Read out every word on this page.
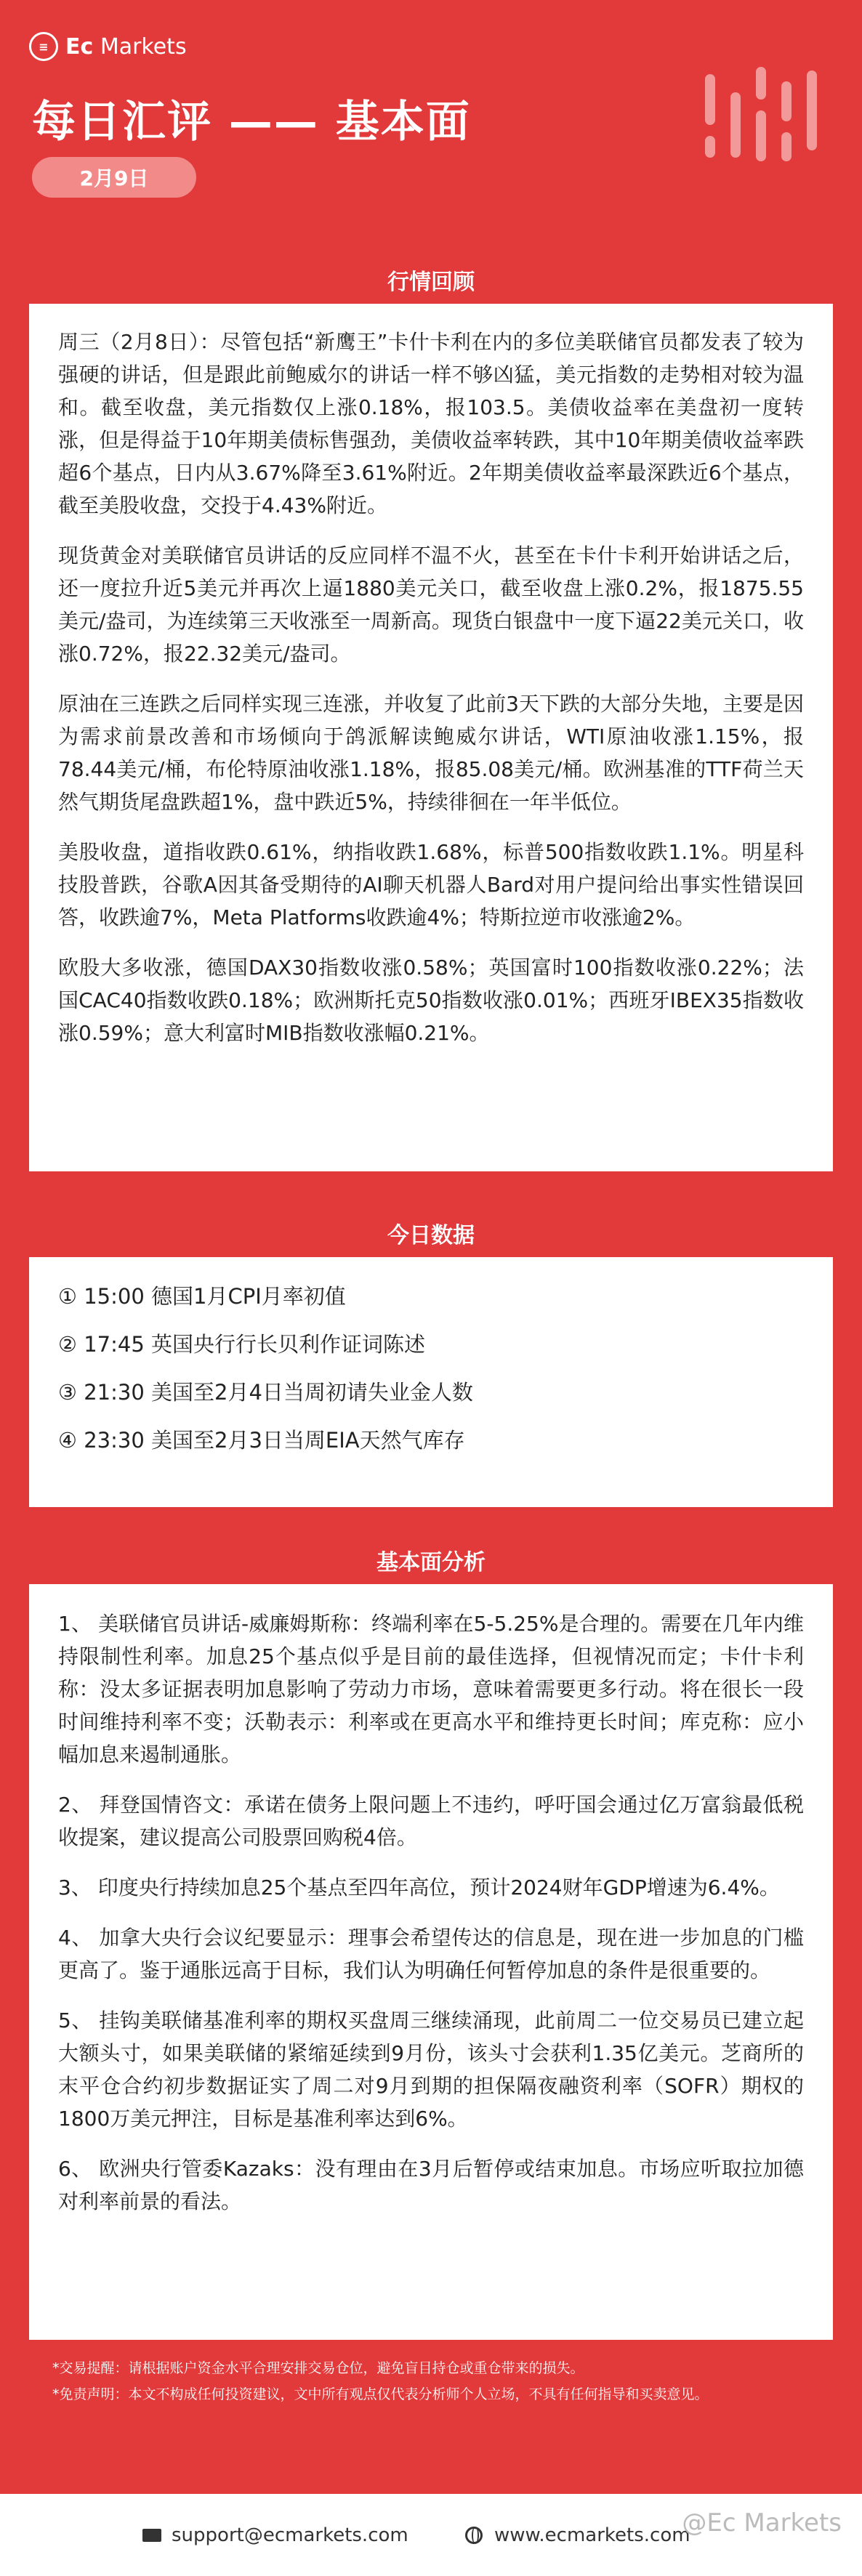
≡ Ec Markets
每日汇评 —— 基本面
2月9日
行情回顾

周三（2月8日）：尽管包括“新鹰王”卡什卡利在内的多位美联储官员都发表了较为强硬的讲话，但是跟此前鲍威尔的讲话一样不够凶猛，美元指数的走势相对较为温和。截至收盘，美元指数仅上涨0.18%，报103.5。美债收益率在美盘初一度转涨，但是得益于10年期美债标售强劲，美债收益率转跌，其中10年期美债收益率跌超6个基点，日内从3.67%降至3.61%附近。2年期美债收益率最深跌近6个基点，截至美股收盘，交投于4.43%附近。

现货黄金对美联储官员讲话的反应同样不温不火，甚至在卡什卡利开始讲话之后，还一度拉升近5美元并再次上逼1880美元关口，截至收盘上涨0.2%，报1875.55美元/盎司，为连续第三天收涨至一周新高。现货白银盘中一度下逼22美元关口，收涨0.72%，报22.32美元/盎司。

原油在三连跌之后同样实现三连涨，并收复了此前3天下跌的大部分失地，主要是因为需求前景改善和市场倾向于鸽派解读鲍威尔讲话，WTI原油收涨1.15%，报78.44美元/桶，布伦特原油收涨1.18%，报85.08美元/桶。欧洲基准的TTF荷兰天然气期货尾盘跌超1%，盘中跌近5%，持续徘徊在一年半低位。

美股收盘，道指收跌0.61%，纳指收跌1.68%，标普500指数收跌1.1%。明星科技股普跌，谷歌A因其备受期待的AI聊天机器人Bard对用户提问给出事实性错误回答，收跌逾7%，Meta Platforms收跌逾4%；特斯拉逆市收涨逾2%。

欧股大多收涨，德国DAX30指数收涨0.58%；英国富时100指数收涨0.22%；法国CAC40指数收跌0.18%；欧洲斯托克50指数收涨0.01%；西班牙IBEX35指数收涨0.59%；意大利富时MIB指数收涨幅0.21%。

今日数据

① 15:00 德国1月CPI月率初值

② 17:45 英国央行行长贝利作证词陈述

③ 21:30 美国至2月4日当周初请失业金人数

④ 23:30 美国至2月3日当周EIA天然气库存

基本面分析

1、 美联储官员讲话-威廉姆斯称：终端利率在5-5.25%是合理的。需要在几年内维持限制性利率。加息25个基点似乎是目前的最佳选择，但视情况而定；卡什卡利称：没太多证据表明加息影响了劳动力市场，意味着需要更多行动。将在很长一段时间维持利率不变；沃勒表示：利率或在更高水平和维持更长时间；库克称：应小幅加息来遏制通胀。

2、 拜登国情咨文：承诺在债务上限问题上不违约，呼吁国会通过亿万富翁最低税收提案，建议提高公司股票回购税4倍。

3、 印度央行持续加息25个基点至四年高位，预计2024财年GDP增速为6.4%。

4、 加拿大央行会议纪要显示：理事会希望传达的信息是，现在进一步加息的门槛更高了。鉴于通胀远高于目标，我们认为明确任何暂停加息的条件是很重要的。

5、 挂钩美联储基准利率的期权买盘周三继续涌现，此前周二一位交易员已建立起大额头寸，如果美联储的紧缩延续到9月份，该头寸会获利1.35亿美元。芝商所的末平仓合约初步数据证实了周二对9月到期的担保隔夜融资利率（SOFR）期权的1800万美元押注，目标是基准利率达到6%。

6、 欧洲央行管委Kazaks：没有理由在3月后暂停或结束加息。市场应听取拉加德对利率前景的看法。

*交易提醒：请根据账户资金水平合理安排交易仓位，避免盲目持仓或重仓带来的损失。

*免责声明：本文不构成任何投资建议，文中所有观点仅代表分析师个人立场，不具有任何指导和买卖意见。

support@ecmarkets.com	www.ecmarkets.com
@Ec Markets
